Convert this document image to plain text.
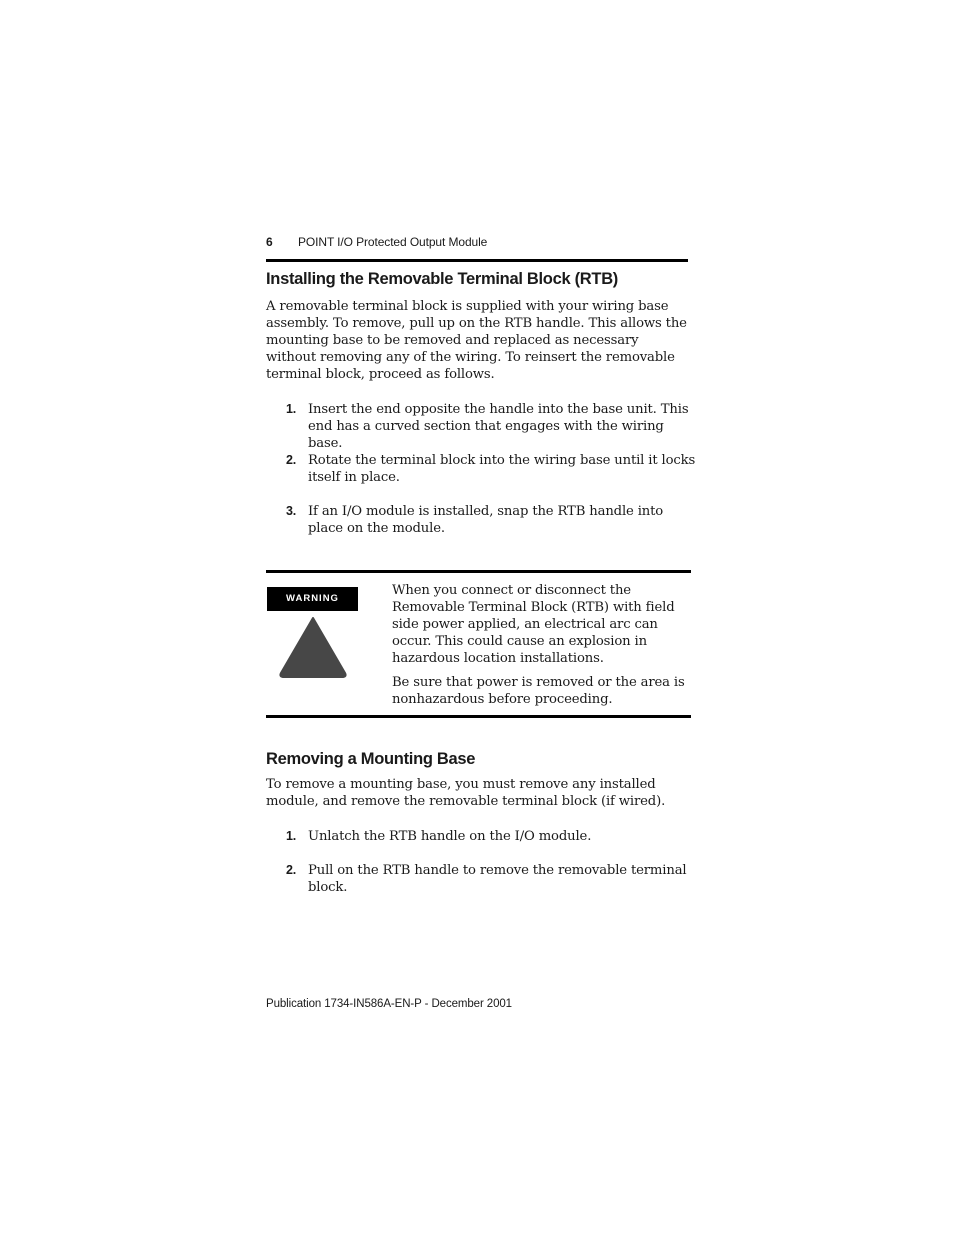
6 POINT I/O Protected Output Module
Installing the Removable Terminal Block (RTB)

A removable terminal block is supplied with your wiring base assembly. To remove, pull up on the RTB handle. This allows the mounting base to be removed and replaced as necessary without removing any of the wiring. To reinsert the removable terminal block, proceed as follows.

1. Insert the end opposite the handle into the base unit. This end has a curved section that engages with the wiring base.
2. Rotate the terminal block into the wiring base until it locks itself in place.
3. If an I/O module is installed, snap the RTB handle into place on the module.
WARNING

When you connect or disconnect the Removable Terminal Block (RTB) with field side power applied, an electrical arc can occur. This could cause an explosion in hazardous location installations.

Be sure that power is removed or the area is nonhazardous before proceeding.

Removing a Mounting Base

To remove a mounting base, you must remove any installed module, and remove the removable terminal block (if wired).

1. Unlatch the RTB handle on the I/O module.
2. Pull on the RTB handle to remove the removable terminal block.
Publication 1734-IN586A-EN-P - December 2001
